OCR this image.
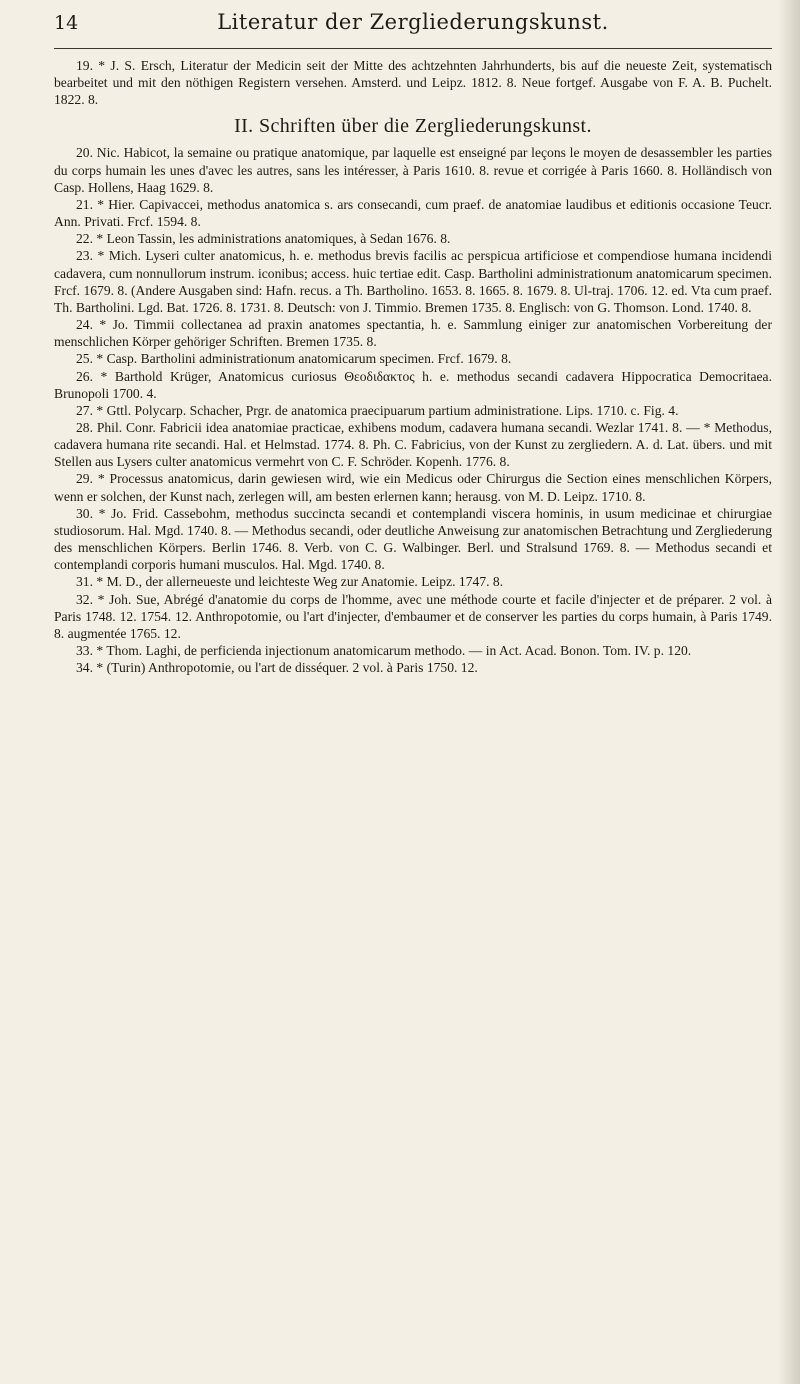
14	Literatur der Zergliederungskunst.

19. * J. S. Ersch, Literatur der Medicin seit der Mitte des achtzehnten Jahrhunderts, bis auf die neueste Zeit, systematisch bearbeitet und mit den nöthigen Registern versehen. Amsterd. und Leipz. 1812. 8. Neue fortgef. Ausgabe von F. A. B. Puchelt. 1822. 8.

II. Schriften über die Zergliederungskunst.

20. Nic. Habicot, la semaine ou pratique anatomique, par laquelle est enseigné par leçons le moyen de desassembler les parties du corps humain les unes d'avec les autres, sans les intéresser, à Paris 1610. 8. revue et corrigée à Paris 1660. 8. Holländisch von Casp. Hollens, Haag 1629. 8.

21. * Hier. Capivaccei, methodus anatomica s. ars consecandi, cum praef. de anatomiae laudibus et editionis occasione Teucr. Ann. Privati. Frcf. 1594. 8.

22. * Leon Tassin, les administrations anatomiques, à Sedan 1676. 8.

23. * Mich. Lyseri culter anatomicus, h. e. methodus brevis facilis ac perspicua artificiose et compendiose humana incidendi cadavera, cum nonnullorum instrum. iconibus; access. huic tertiae edit. Casp. Bartholini administrationum anatomicarum specimen. Frcf. 1679. 8. (Andere Ausgaben sind: Hafn. recus. a Th. Bartholino. 1653. 8. 1665. 8. 1679. 8. Ul-traj. 1706. 12. ed. Vta cum praef. Th. Bartholini. Lgd. Bat. 1726. 8. 1731. 8. Deutsch: von J. Timmio. Bremen 1735. 8. Englisch: von G. Thomson. Lond. 1740. 8.

24. * Jo. Timmii collectanea ad praxin anatomes spectantia, h. e. Sammlung einiger zur anatomischen Vorbereitung der menschlichen Körper gehöriger Schriften. Bremen 1735. 8.

25. * Casp. Bartholini administrationum anatomicarum specimen. Frcf. 1679. 8.

26. * Barthold Krüger, Anatomicus curiosus Θεοδιδακτος h. e. methodus secandi cadavera Hippocratica Democritaea. Brunopoli 1700. 4.

27. * Gttl. Polycarp. Schacher, Prgr. de anatomica praecipuarum partium administratione. Lips. 1710. c. Fig. 4.

28. Phil. Conr. Fabricii idea anatomiae practicae, exhibens modum, cadavera humana secandi. Wezlar 1741. 8. — * Methodus, cadavera humana rite secandi. Hal. et Helmstad. 1774. 8. Ph. C. Fabricius, von der Kunst zu zergliedern. A. d. Lat. übers. und mit Stellen aus Lysers culter anatomicus vermehrt von C. F. Schröder. Kopenh. 1776. 8.

29. * Processus anatomicus, darin gewiesen wird, wie ein Medicus oder Chirurgus die Section eines menschlichen Körpers, wenn er solchen, der Kunst nach, zerlegen will, am besten erlernen kann; herausg. von M. D. Leipz. 1710. 8.

30. * Jo. Frid. Cassebohm, methodus succincta secandi et contemplandi viscera hominis, in usum medicinae et chirurgiae studiosorum. Hal. Mgd. 1740. 8. — Methodus secandi, oder deutliche Anweisung zur anatomischen Betrachtung und Zergliederung des menschlichen Körpers. Berlin 1746. 8. Verb. von C. G. Walbinger. Berl. und Stralsund 1769. 8. — Methodus secandi et contemplandi corporis humani musculos. Hal. Mgd. 1740. 8.

31. * M. D., der allerneueste und leichteste Weg zur Anatomie. Leipz. 1747. 8.

32. * Joh. Sue, Abrégé d'anatomie du corps de l'homme, avec une méthode courte et facile d'injecter et de préparer. 2 vol. à Paris 1748. 12. 1754. 12. Anthropotomie, ou l'art d'injecter, d'embaumer et de conserver les parties du corps humain, à Paris 1749. 8. augmentée 1765. 12.

33. * Thom. Laghi, de perficienda injectionum anatomicarum methodo. — in Act. Acad. Bonon. Tom. IV. p. 120.

34. * (Turin) Anthropotomie, ou l'art de disséquer. 2 vol. à Paris 1750. 12.
